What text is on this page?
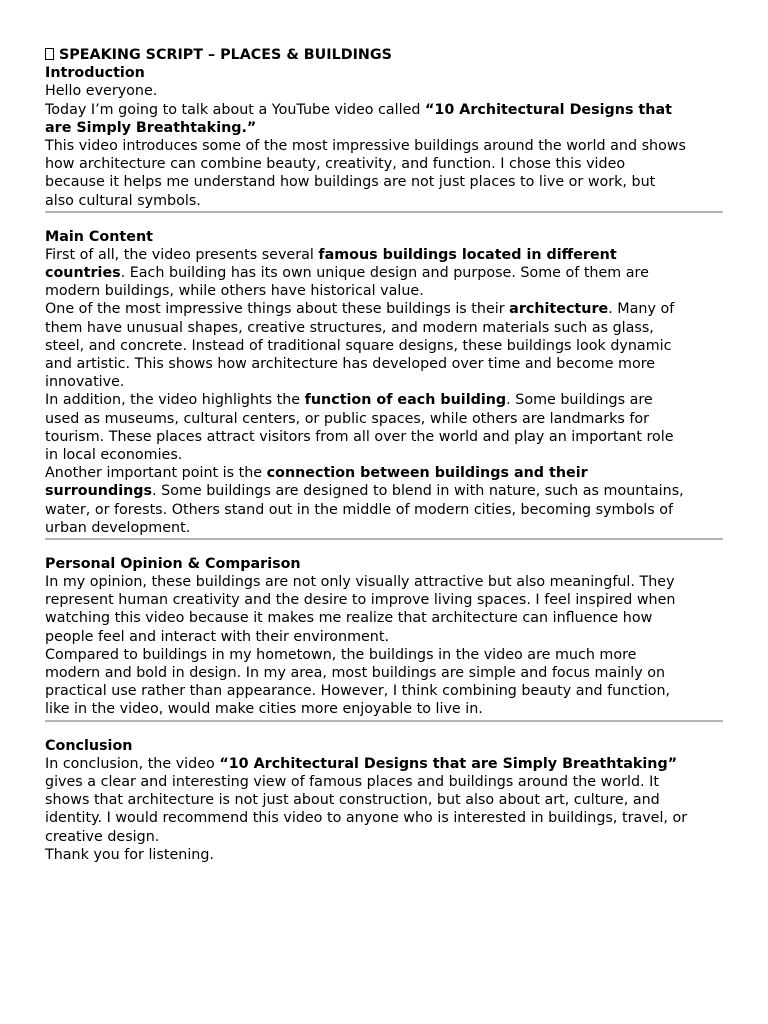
SPEAKING SCRIPT – PLACES & BUILDINGS
Introduction
Hello everyone.
Today I’m going to talk about a YouTube video called “10 Architectural Designs that
are Simply Breathtaking.”
This video introduces some of the most impressive buildings around the world and shows
how architecture can combine beauty, creativity, and function. I chose this video
because it helps me understand how buildings are not just places to live or work, but
also cultural symbols.
Main Content
First of all, the video presents several famous buildings located in different
countries. Each building has its own unique design and purpose. Some of them are
modern buildings, while others have historical value.
One of the most impressive things about these buildings is their architecture. Many of
them have unusual shapes, creative structures, and modern materials such as glass,
steel, and concrete. Instead of traditional square designs, these buildings look dynamic
and artistic. This shows how architecture has developed over time and become more
innovative.
In addition, the video highlights the function of each building. Some buildings are
used as museums, cultural centers, or public spaces, while others are landmarks for
tourism. These places attract visitors from all over the world and play an important role
in local economies.
Another important point is the connection between buildings and their
surroundings. Some buildings are designed to blend in with nature, such as mountains,
water, or forests. Others stand out in the middle of modern cities, becoming symbols of
urban development.
Personal Opinion & Comparison
In my opinion, these buildings are not only visually attractive but also meaningful. They
represent human creativity and the desire to improve living spaces. I feel inspired when
watching this video because it makes me realize that architecture can influence how
people feel and interact with their environment.
Compared to buildings in my hometown, the buildings in the video are much more
modern and bold in design. In my area, most buildings are simple and focus mainly on
practical use rather than appearance. However, I think combining beauty and function,
like in the video, would make cities more enjoyable to live in.
Conclusion
In conclusion, the video “10 Architectural Designs that are Simply Breathtaking”
gives a clear and interesting view of famous places and buildings around the world. It
shows that architecture is not just about construction, but also about art, culture, and
identity. I would recommend this video to anyone who is interested in buildings, travel, or
creative design.
Thank you for listening.
